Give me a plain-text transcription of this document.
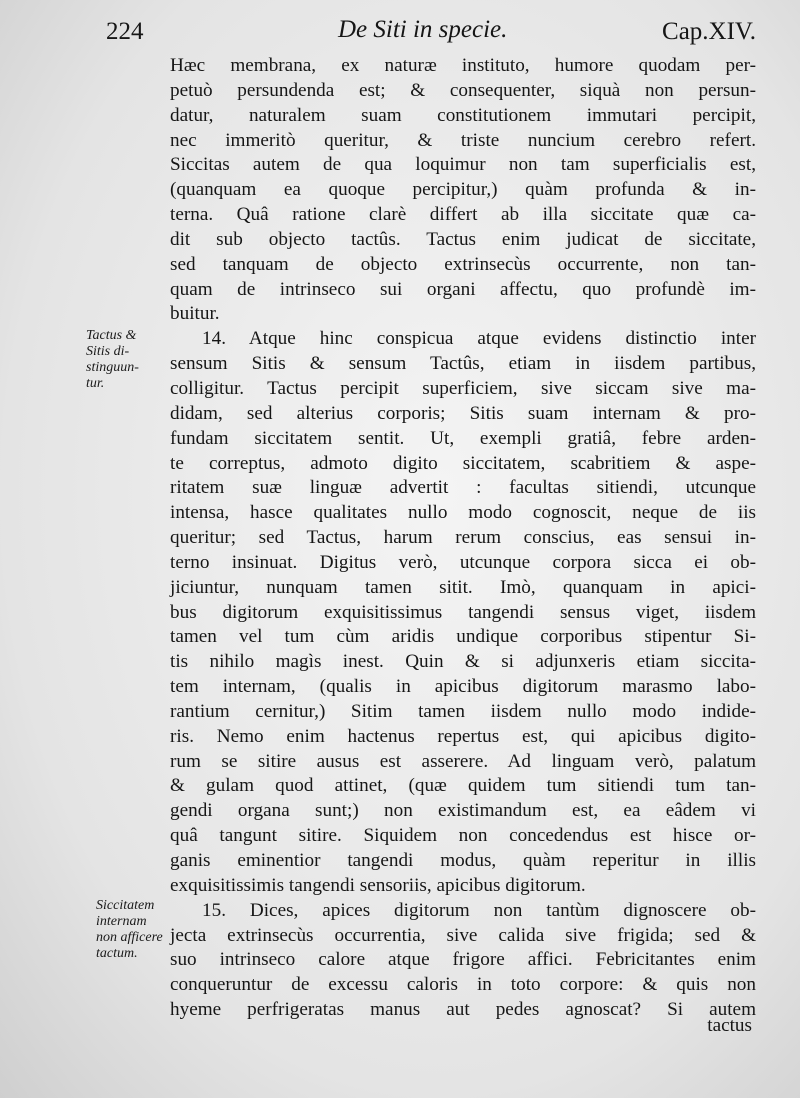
224	De Siti in specie.	Cap.XIV.
Hæc membrana, ex naturæ instituto, humore quodam per-
petuò persundenda est; & consequenter, siquà non persun-
datur, naturalem suam constitutionem immutari percipit,
nec immeritò queritur, & triste nuncium cerebro refert.
Siccitas autem de qua loquimur non tam superficialis est,
(quanquam ea quoque percipitur,) quàm profunda & in-
terna. Quâ ratione clarè differt ab illa siccitate quæ ca-
dit sub objecto tactûs. Tactus enim judicat de siccitate,
sed tanquam de objecto extrinsecùs occurrente, non tan-
quam de intrinseco sui organi affectu, quo profundè im-
buitur.
14. Atque hinc conspicua atque evidens distinctio inter
sensum Sitis & sensum Tactûs, etiam in iisdem partibus,
colligitur. Tactus percipit superficiem, sive siccam sive ma-
didam, sed alterius corporis; Sitis suam internam & pro-
fundam siccitatem sentit. Ut, exempli gratiâ, febre arden-
te correptus, admoto digito siccitatem, scabritiem & aspe-
ritatem suæ linguæ advertit : facultas sitiendi, utcunque
intensa, hasce qualitates nullo modo cognoscit, neque de iis
queritur; sed Tactus, harum rerum conscius, eas sensui in-
terno insinuat. Digitus verò, utcunque corpora sicca ei ob-
jiciuntur, nunquam tamen sitit. Imò, quanquam in apici-
bus digitorum exquisitissimus tangendi sensus viget, iisdem
tamen vel tum cùm aridis undique corporibus stipentur Si-
tis nihilo magìs inest. Quin & si adjunxeris etiam siccita-
tem internam, (qualis in apicibus digitorum marasmo labo-
rantium cernitur,) Sitim tamen iisdem nullo modo indide-
ris. Nemo enim hactenus repertus est, qui apicibus digito-
rum se sitire ausus est asserere. Ad linguam verò, palatum
& gulam quod attinet, (quæ quidem tum sitiendi tum tan-
gendi organa sunt;) non existimandum est, ea eâdem vi
quâ tangunt sitire. Siquidem non concedendus est hisce or-
ganis eminentior tangendi modus, quàm reperitur in illis
exquisitissimis tangendi sensoriis, apicibus digitorum.
15. Dices, apices digitorum non tantùm dignoscere ob-
jecta extrinsecùs occurrentia, sive calida sive frigida; sed &
suo intrinseco calore atque frigore affici. Febricitantes enim
conqueruntur de excessu caloris in toto corpore: & quis non
hyeme perfrigeratas manus aut pedes agnoscat? Si autem
tactus
Tactus &
Sitis di-
stinguun-
tur.
Siccitatem
internam
non afficere
tactum.
